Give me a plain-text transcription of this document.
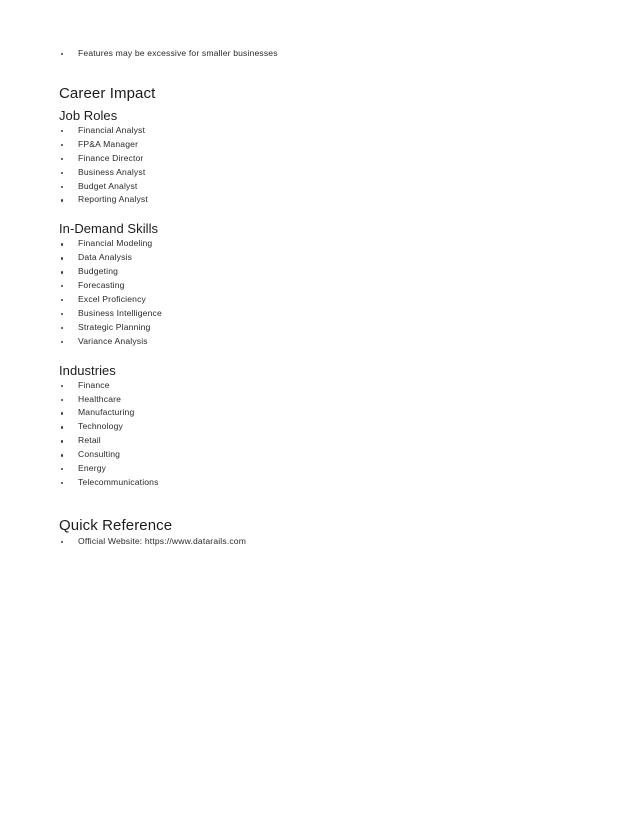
Features may be excessive for smaller businesses
Career Impact
Job Roles
Financial Analyst
FP&A Manager
Finance Director
Business Analyst
Budget Analyst
Reporting Analyst
In-Demand Skills
Financial Modeling
Data Analysis
Budgeting
Forecasting
Excel Proficiency
Business Intelligence
Strategic Planning
Variance Analysis
Industries
Finance
Healthcare
Manufacturing
Technology
Retail
Consulting
Energy
Telecommunications
Quick Reference
Official Website: https://www.datarails.com
